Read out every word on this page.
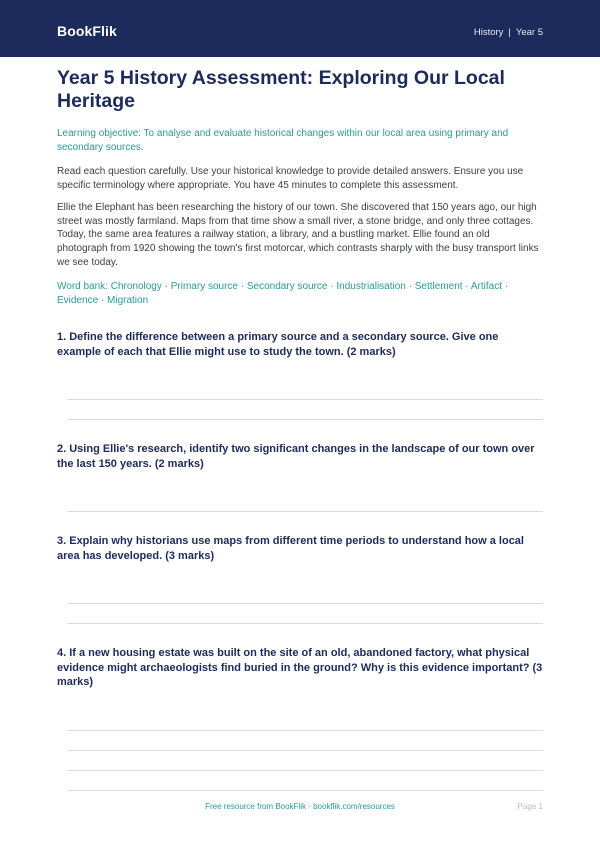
BookFlik	History | Year 5
Year 5 History Assessment: Exploring Our Local Heritage
Learning objective: To analyse and evaluate historical changes within our local area using primary and secondary sources.
Read each question carefully. Use your historical knowledge to provide detailed answers. Ensure you use specific terminology where appropriate. You have 45 minutes to complete this assessment.
Ellie the Elephant has been researching the history of our town. She discovered that 150 years ago, our high street was mostly farmland. Maps from that time show a small river, a stone bridge, and only three cottages. Today, the same area features a railway station, a library, and a bustling market. Ellie found an old photograph from 1920 showing the town's first motorcar, which contrasts sharply with the busy transport links we see today.
Word bank: Chronology · Primary source · Secondary source · Industrialisation · Settlement · Artifact · Evidence · Migration
1. Define the difference between a primary source and a secondary source. Give one example of each that Ellie might use to study the town. (2 marks)
2. Using Ellie's research, identify two significant changes in the landscape of our town over the last 150 years. (2 marks)
3. Explain why historians use maps from different time periods to understand how a local area has developed. (3 marks)
4. If a new housing estate was built on the site of an old, abandoned factory, what physical evidence might archaeologists find buried in the ground? Why is this evidence important? (3 marks)
Free resource from BookFlik · bookflik.com/resources	Page 1
